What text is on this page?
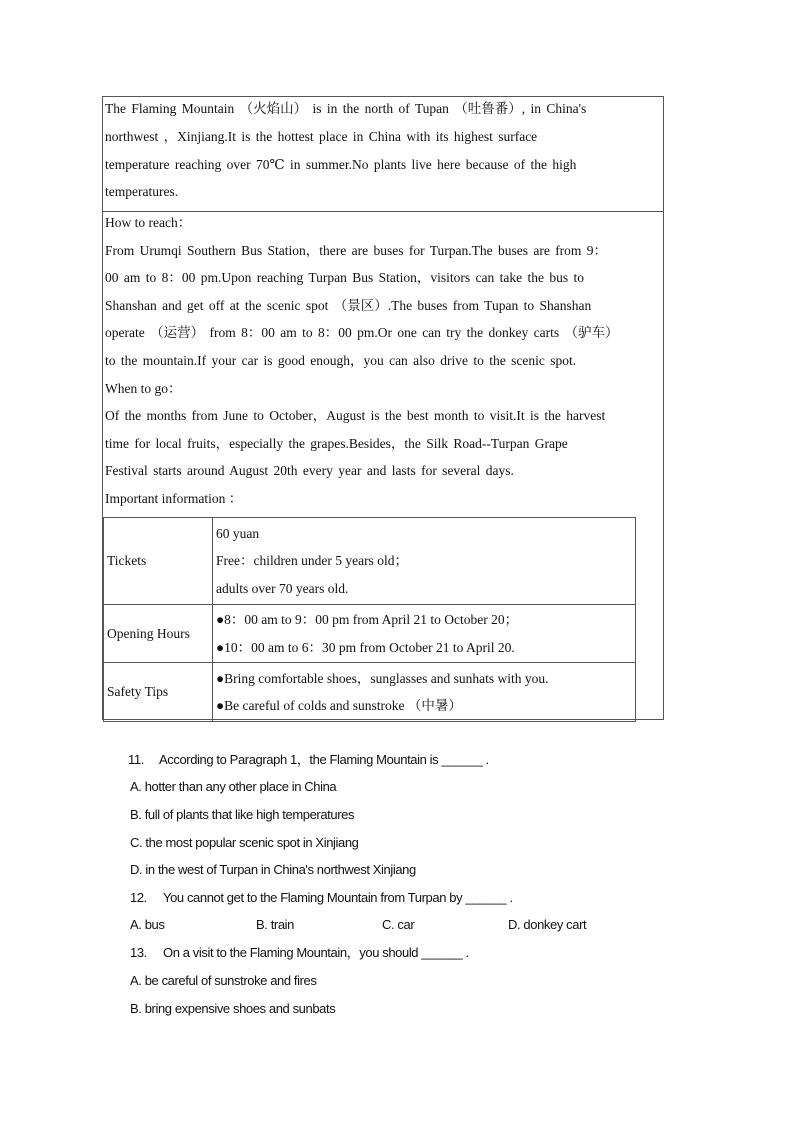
The Flaming Mountain （火焰山） is in the north of Tupan （吐鲁番）, in China's
northwest ，Xinjiang.It is the hottest place in China with its highest surface
temperature reaching over 70℃ in summer.No plants live here because of the high
temperatures.
How to reach：
From Urumqi Southern Bus Station，there are buses for Turpan.The buses are from 9：
00 am to 8：00 pm.Upon reaching Turpan Bus Station，visitors can take the bus to
Shanshan and get off at the scenic spot （景区）.The buses from Tupan to Shanshan
operate （运营） from 8：00 am to 8：00 pm.Or one can try the donkey carts （驴车）
to the mountain.If your car is good enough，you can also drive to the scenic spot.
When to go：
Of the months from June to October，August is the best month to visit.It is the harvest
time for local fruits，especially the grapes.Besides，the Silk Road--Turpan Grape
Festival starts around August 20th every year and lasts for several days.
Important information ：
Tickets	60 yuan
Free：children under 5 years old；
adults over 70 years old.

Opening Hours	●8：00 am to 9：00 pm from April 21 to October 20；
●10：00 am to 6：30 pm from October 21 to April 20.

Safety Tips	●Bring comfortable shoes，sunglasses and sunhats with you.
●Be careful of colds and sunstroke （中暑）
11. According to Paragraph 1，the Flaming Mountain is ______ .
A. hotter than any other place in China
B. full of plants that like high temperatures
C. the most popular scenic spot in Xinjiang
D. in the west of Turpan in China's northwest Xinjiang
12. You cannot get to the Flaming Mountain from Turpan by ______ .
A. bus	B. train	C. car	D. donkey cart
13. On a visit to the Flaming Mountain，you should ______ .
A. be careful of sunstroke and fires
B. bring expensive shoes and sunbats
